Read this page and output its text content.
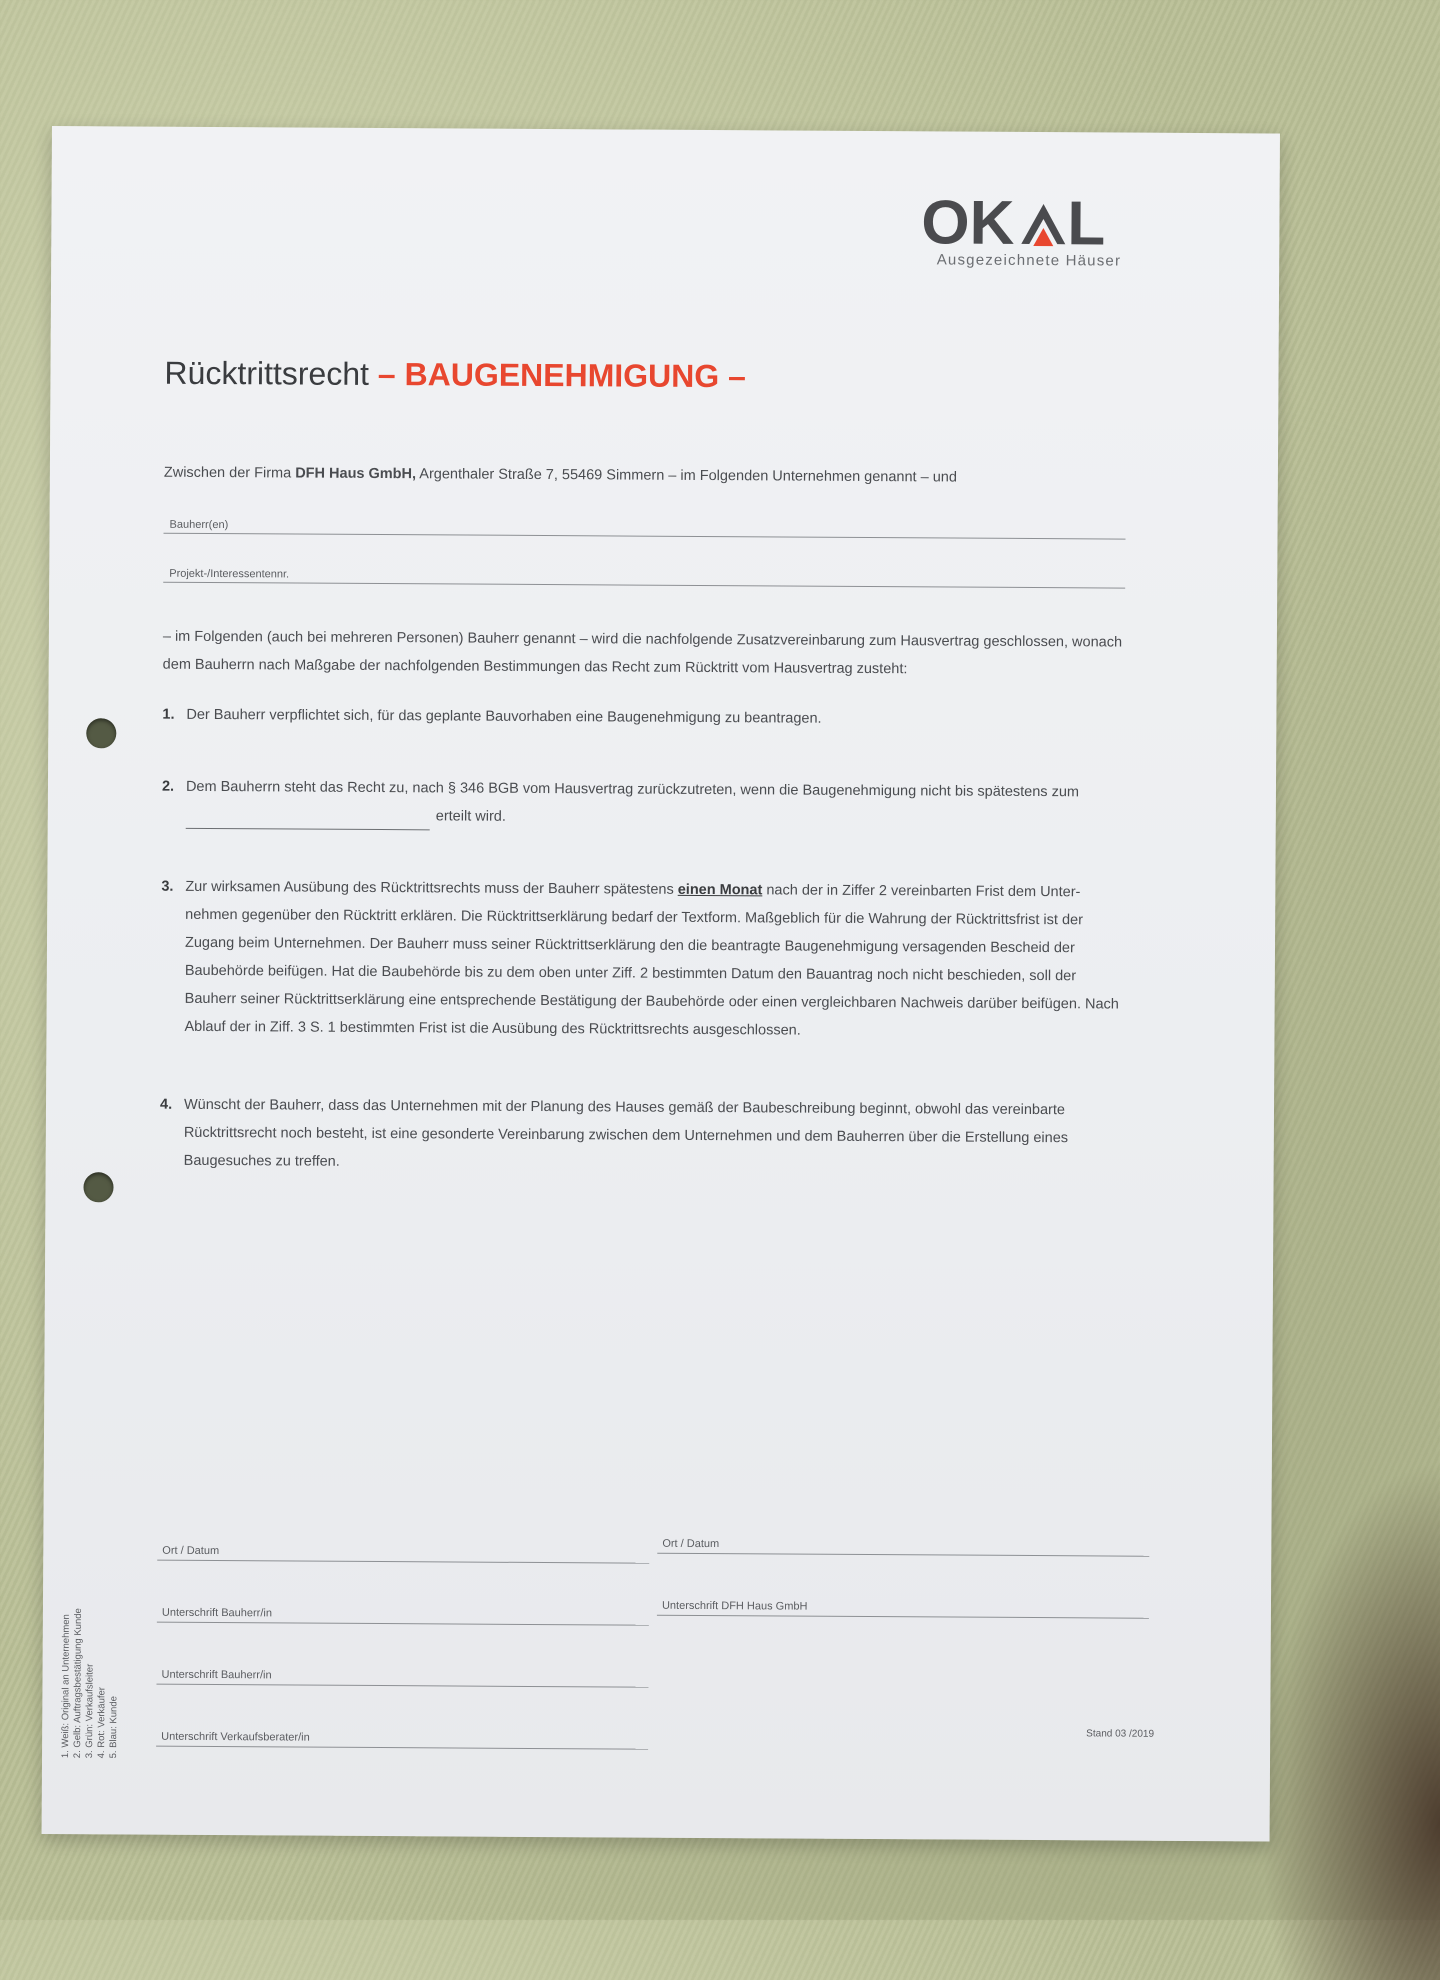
OK L
Ausgezeichnete Häuser
Rücktrittsrecht – BAUGENEHMIGUNG –
Zwischen der Firma DFH Haus GmbH, Argenthaler Straße 7, 55469 Simmern – im Folgenden Unternehmen genannt – und
Bauherr(en)
Projekt-/Interessentennr.
– im Folgenden (auch bei mehreren Personen) Bauherr genannt – wird die nachfolgende Zusatzvereinbarung zum Hausvertrag geschlossen, wonach dem Bauherrn nach Maßgabe der nachfolgenden Bestimmungen das Recht zum Rücktritt vom Hausvertrag zusteht:
1. Der Bauherr verpflichtet sich, für das geplante Bauvorhaben eine Baugenehmigung zu beantragen.
2. Dem Bauherrn steht das Recht zu, nach § 346 BGB vom Hausvertrag zurückzutreten, wenn die Baugenehmigung nicht bis spätestens zum
erteilt wird.
3. Zur wirksamen Ausübung des Rücktrittsrechts muss der Bauherr spätestens einen Monat nach der in Ziffer 2 vereinbarten Frist dem Unter-nehmen gegenüber den Rücktritt erklären. Die Rücktrittserklärung bedarf der Textform. Maßgeblich für die Wahrung der Rücktrittsfrist ist der Zugang beim Unternehmen. Der Bauherr muss seiner Rücktrittserklärung den die beantragte Baugenehmigung versagenden Bescheid der Baubehörde beifügen. Hat die Baubehörde bis zu dem oben unter Ziff. 2 bestimmten Datum den Bauantrag noch nicht beschieden, soll der Bauherr seiner Rücktrittserklärung eine entsprechende Bestätigung der Baubehörde oder einen vergleichbaren Nachweis darüber beifügen. Nach Ablauf der in Ziff. 3 S. 1 bestimmten Frist ist die Ausübung des Rücktrittsrechts ausgeschlossen.
4. Wünscht der Bauherr, dass das Unternehmen mit der Planung des Hauses gemäß der Baubeschreibung beginnt, obwohl das vereinbarte Rücktrittsrecht noch besteht, ist eine gesonderte Vereinbarung zwischen dem Unternehmen und dem Bauherren über die Erstellung eines Baugesuches zu treffen.
Ort / Datum
Unterschrift Bauherr/in
Unterschrift Bauherr/in
Unterschrift Verkaufsberater/in
Ort / Datum
Unterschrift DFH Haus GmbH
Stand 03 /2019
1. Weiß: Original an Unternehmen 2. Gelb: Auftragsbestätigung Kunde 3. Grün: Verkaufsleiter 4. Rot: Verkäufer 5. Blau: Kunde
